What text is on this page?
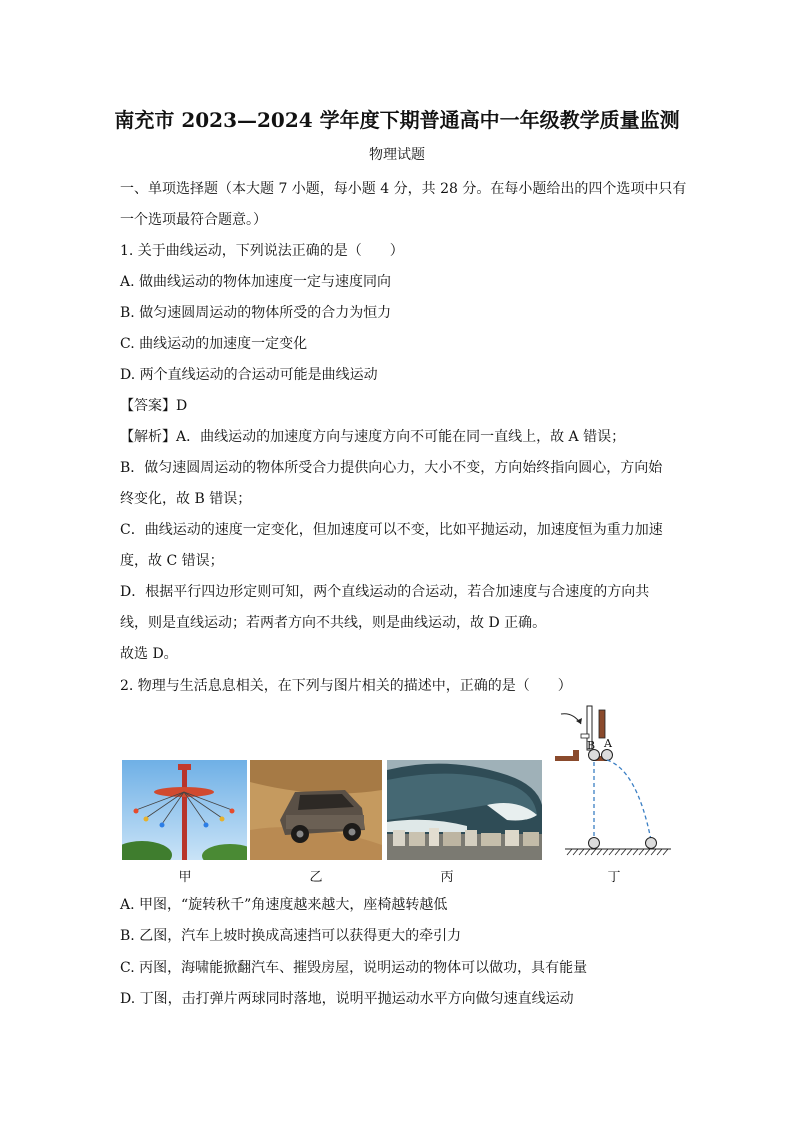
南充市 2023—2024 学年度下期普通高中一年级教学质量监测
物理试题
一、单项选择题（本大题 7 小题，每小题 4 分，共 28 分。在每小题给出的四个选项中只有
一个选项最符合题意。）
1. 关于曲线运动，下列说法正确的是（　　）
A. 做曲线运动的物体加速度一定与速度同向
B. 做匀速圆周运动的物体所受的合力为恒力
C. 曲线运动的加速度一定变化
D. 两个直线运动的合运动可能是曲线运动
【答案】D
【解析】A．曲线运动的加速度方向与速度方向不可能在同一直线上，故 A 错误；
B．做匀速圆周运动的物体所受合力提供向心力，大小不变，方向始终指向圆心，方向始
终变化，故 B 错误；
C．曲线运动的速度一定变化，但加速度可以不变，比如平抛运动，加速度恒为重力加速
度，故 C 错误；
D．根据平行四边形定则可知，两个直线运动的合运动，若合加速度与合速度的方向共
线，则是直线运动；若两者方向不共线，则是曲线运动，故 D 正确。
故选 D。
2. 物理与生活息息相关，在下列与图片相关的描述中，正确的是（　　）
B A
甲	乙	丙	丁
A. 甲图，“旋转秋千”角速度越来越大，座椅越转越低
B. 乙图，汽车上坡时换成高速挡可以获得更大的牵引力
C. 丙图，海啸能掀翻汽车、摧毁房屋，说明运动的物体可以做功，具有能量
D. 丁图，击打弹片两球同时落地，说明平抛运动水平方向做匀速直线运动
